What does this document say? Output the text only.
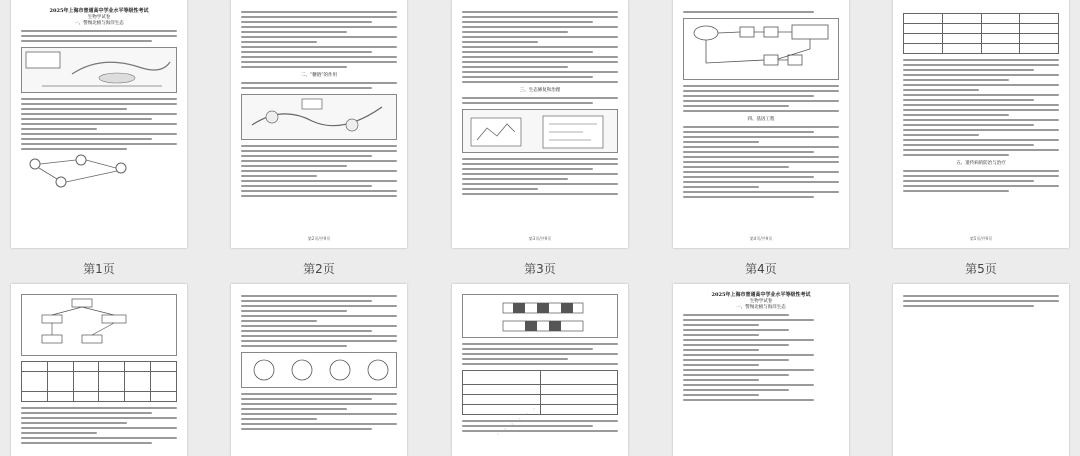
2025年上海市普通高中学业水平等级性考试
生物学试卷
一、警惕北极与海洋生态
第1页
二、“糖链”的作用
第2页/共9页
第2页
三、生态修复和治理
第3页/共9页
第3页
四、基因工程
第4页/共9页
第4页

五、遗传病的防治与治疗
第5页/共9页
第5页

· · · · · ·
2025年上海市普通高中学业水平等级性考试
生物学试卷
一、警惕北极与海洋生态
